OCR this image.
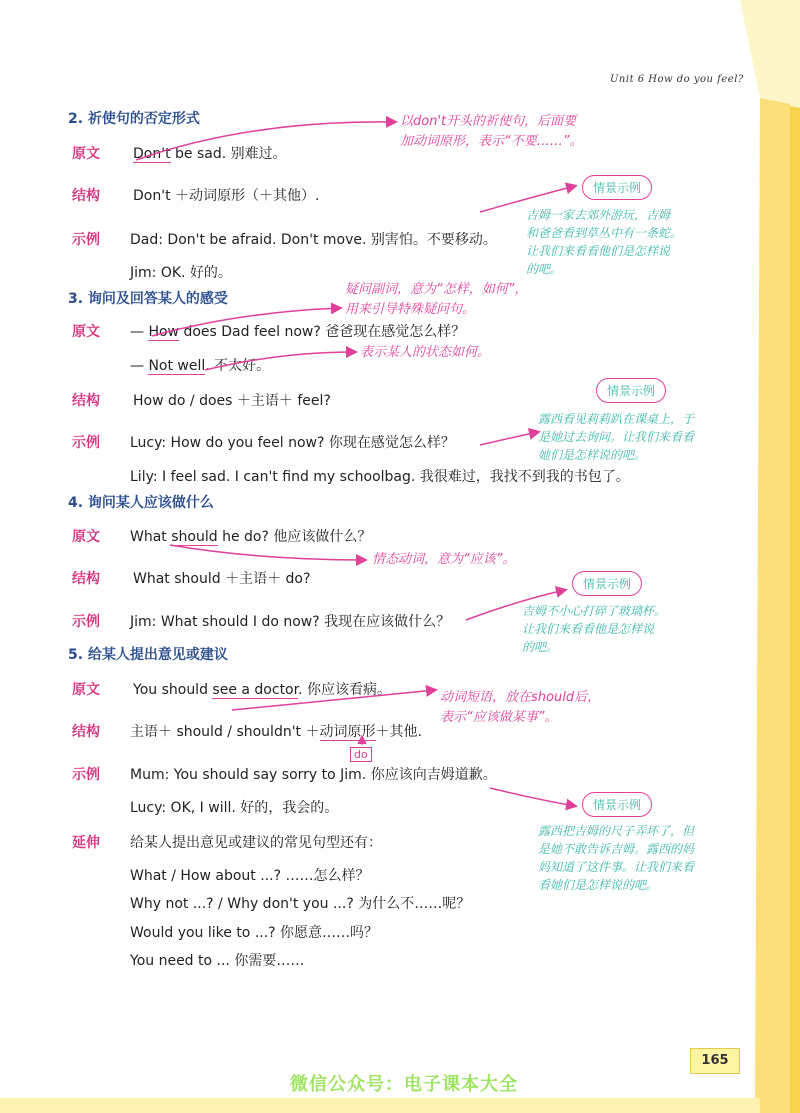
Unit 6 How do you feel?
2. 祈使句的否定形式
原文 Don't be sad. 别难过。
结构 Don't ＋动词原形（＋其他）.
示例 Dad: Don't be afraid. Don't move. 别害怕。不要移动。
Jim: OK. 好的。
以don't开头的祈使句，后面要
加动词原形，表示“不要……”。
情景示例
吉姆一家去郊外游玩，吉姆
和爸爸看到草丛中有一条蛇。
让我们来看看他们是怎样说
的吧。
3. 询问及回答某人的感受
原文 — How does Dad feel now? 爸爸现在感觉怎么样？
— Not well. 不太好。
结构 How do / does ＋主语＋ feel?
示例 Lucy: How do you feel now? 你现在感觉怎么样？
Lily: I feel sad. I can't find my schoolbag. 我很难过，我找不到我的书包了。
疑问副词，意为“怎样，如何”，
用来引导特殊疑问句。
表示某人的状态如何。
情景示例
露西看见莉莉趴在课桌上，于
是她过去询问。让我们来看看
她们是怎样说的吧。
4. 询问某人应该做什么
原文 What should he do? 他应该做什么？
情态动词，意为“应该”。
结构 What should ＋主语＋ do?
示例 Jim: What should I do now? 我现在应该做什么？
情景示例
吉姆不小心打碎了玻璃杯。
让我们来看看他是怎样说
的吧。
5. 给某人提出意见或建议
原文 You should see a doctor. 你应该看病。	动词短语，放在should后，
表示“应该做某事”。
结构 主语＋ should / shouldn't ＋动词原形＋其他.
do
示例 Mum: You should say sorry to Jim. 你应该向吉姆道歉。
Lucy: OK, I will. 好的，我会的。	情景示例
露西把吉姆的尺子弄坏了，但
是她不敢告诉吉姆。露西的妈
妈知道了这件事。让我们来看
看她们是怎样说的吧。
延伸 给某人提出意见或建议的常见句型还有：
What / How about ...? ……怎么样？
Why not ...? / Why don't you ...? 为什么不……呢？
Would you like to ...? 你愿意……吗？
You need to ... 你需要……
165
微信公众号：电子课本大全
